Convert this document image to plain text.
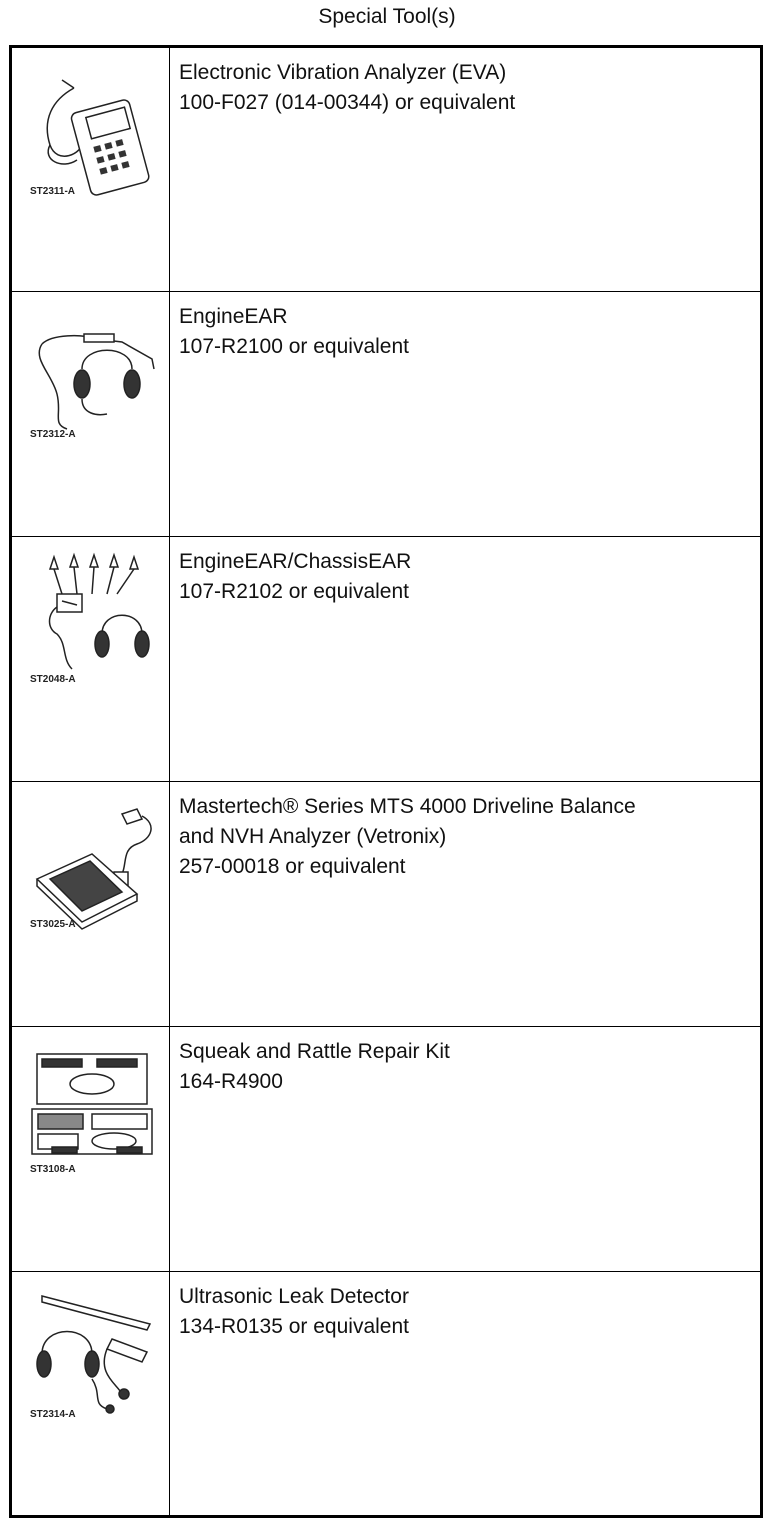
Special Tool(s)
ST2311-A	Electronic Vibration Analyzer (EVA)
100-F027 (014-00344) or equivalent

ST2312-A	EngineEAR
107-R2100 or equivalent

ST2048-A	EngineEAR/ChassisEAR
107-R2102 or equivalent

ST3025-A	Mastertech® Series MTS 4000 Driveline Balance
and NVH Analyzer (Vetronix)
257-00018 or equivalent

ST3108-A	Squeak and Rattle Repair Kit
164-R4900

ST2314-A	Ultrasonic Leak Detector
134-R0135 or equivalent
